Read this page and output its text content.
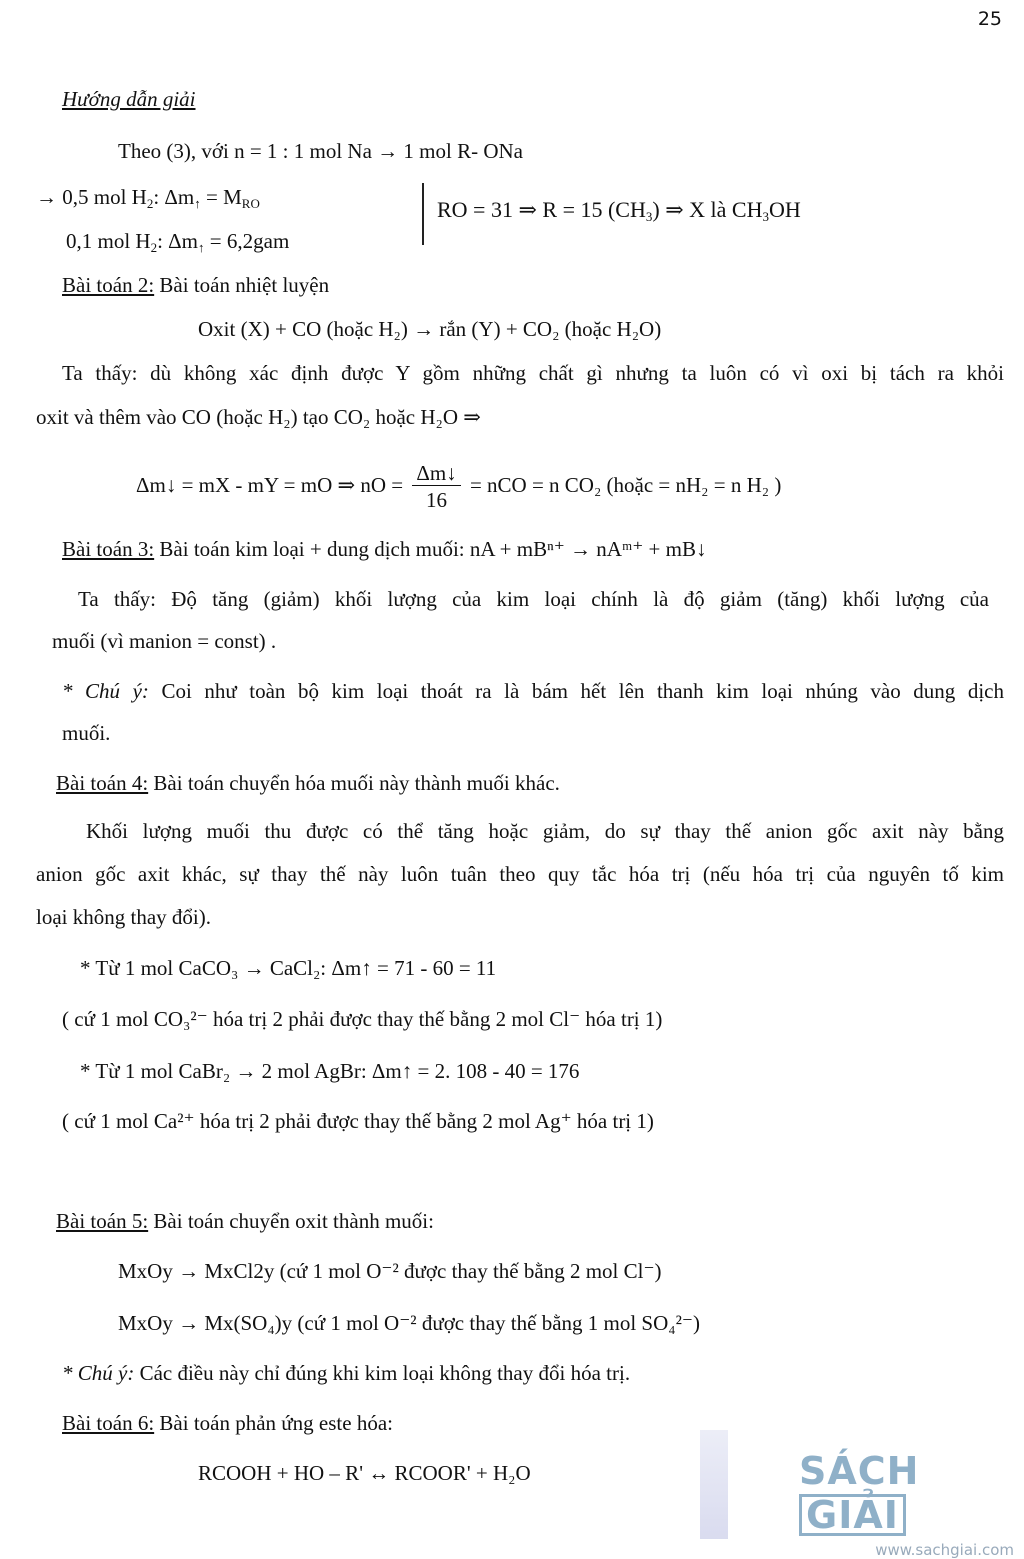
25
Hướng dẫn giải
Theo (3), với n = 1 : 1 mol Na → 1 mol R- ONa
→ 0,5 mol $H_2$: $\Delta m_↑ = M_{RO}$
0,1 mol $H_2$: $\Delta m_↑ = 6,2gam$
RO = 31 ⇒ R = 15 $(CH_3)$ ⇒ X là $CH_3OH$
Bài toán 2: Bài toán nhiệt luyện
Oxit (X) + CO (hoặc H₂) → rắn (Y) + CO₂ (hoặc H₂O)
Ta thấy: dù không xác định được Y gồm những chất gì nhưng ta luôn có vì oxi bị tách ra khỏi
oxit và thêm vào CO (hoặc H₂) tạo CO₂ hoặc H₂O ⇒
Δm↓ = mX - mY = mO ⇒ nO = $\frac{\Delta m↓}{16}$ = nCO = n CO₂ (hoặc = nH₂ = n H₂ )
Bài toán 3: Bài toán kim loại + dung dịch muối: nA + mBⁿ⁺ → nAᵐ⁺ + mB↓
Ta thấy: Độ tăng (giảm) khối lượng của kim loại chính là độ giảm (tăng) khối lượng của
muối (vì manion = const) .
* Chú ý: Coi như toàn bộ kim loại thoát ra là bám hết lên thanh kim loại nhúng vào dung dịch
muối.
Bài toán 4: Bài toán chuyển hóa muối này thành muối khác.
Khối lượng muối thu được có thể tăng hoặc giảm, do sự thay thế anion gốc axit này bằng
anion gốc axit khác, sự thay thế này luôn tuân theo quy tắc hóa trị (nếu hóa trị của nguyên tố kim
loại không thay đổi).
* Từ 1 mol CaCO₃ → CaCl₂: Δm↑ = 71 - 60 = 11
( cứ 1 mol CO₃²⁻ hóa trị 2 phải được thay thế bằng 2 mol Cl⁻ hóa trị 1)
* Từ 1 mol CaBr₂ → 2 mol AgBr: Δm↑ = 2. 108 - 40 = 176
( cứ 1 mol Ca²⁺ hóa trị 2 phải được thay thế bằng 2 mol Ag⁺ hóa trị 1)
Bài toán 5: Bài toán chuyển oxit thành muối:
MxOy → MxCl2y (cứ 1 mol O⁻² được thay thế bằng 2 mol Cl⁻)
MxOy → Mx(SO₄)y (cứ 1 mol O⁻² được thay thế bằng 1 mol SO₄²⁻)
* Chú ý: Các điều này chỉ đúng khi kim loại không thay đổi hóa trị.
Bài toán 6: Bài toán phản ứng este hóa:
RCOOH + HO – R' ↔ RCOOR' + H₂O	SÁCHGIẢI
www.sachgiai.com
